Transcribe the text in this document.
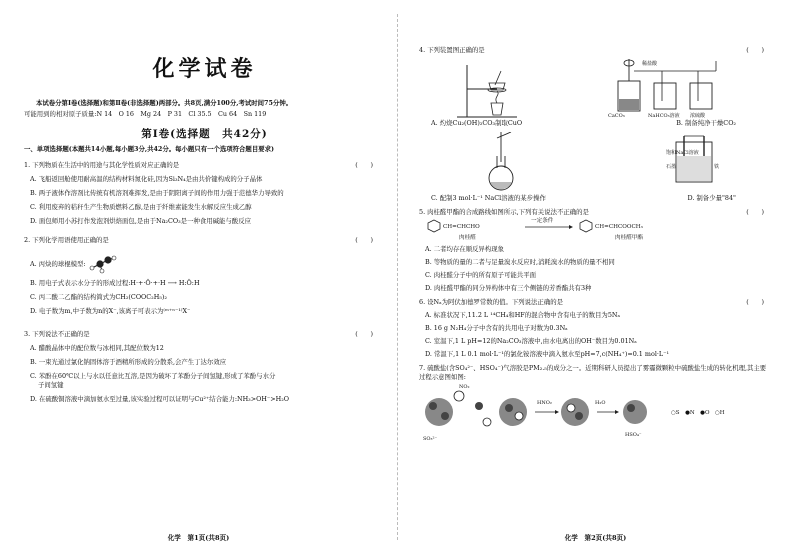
化学试卷
本试卷分第Ⅰ卷(选择题)和第Ⅱ卷(非选择题)两部分。共8页,满分100分,考试时间75分钟。
可能用到的相对原子质量:N 14　O 16　Mg 24　P 31　Cl 35.5　Cu 64　Sn 119
第Ⅰ卷(选择题　共42分)
一、单项选择题(本题共14小题,每小题3分,共42分。每小题只有一个选项符合题目要求)
1. 下列物质在生活中的用途与其化学性质对应正确的是	(　　)
A. 飞船返回舱使用耐高温的结构材料氮化硅,因为Si₃N₄是由共价键构成的分子晶体
B. 两子液体作溶剂比传统有机溶剂难挥发,是由于阴阳离子间的作用力强于范德华力导致的
C. 利用废弃的秸秆生产生物质燃料乙醇,是由于纤维素能发生水解反应生成乙醇
D. 面包师用小苏打作发泡剂烘焙面包,是由于Na₂CO₃是一种食用碱能与酸反应
2. 下列化学用语使用正确的是	(　　)
A. 丙炔的球棍模型:
B. 用电子式表示水分子的形成过程:H·+·Ö·+·H ⟶ H:Ö:H
C. 丙二酸二乙酯的结构简式为CH₂(COOC₂H₅)₂
D. 电子数为m,中子数为n的X⁻,该离子可表示为⁽ᵐ⁺ⁿ⁻¹⁾X⁻
3. 下列说法不正确的是	(　　)
A. 醋酸晶体中的配位数与冰相同,其配位数为12
B. 一束光通过氯化钠固体溶于酒精所形成的分散系,会产生丁达尔效应
C. 苯酚在60℃以上与水以任意比互溶,是因为破坏了苯酚分子间氢键,形成了苯酚与水分
子间氢键
D. 在硫酸铜溶液中滴加氨水至过量,该实验过程可以证明与Cu²⁺结合能力:NH₃>OH⁻>H₂O
化学　第1页(共8页)
4. 下列装置图正确的是	(　　)
稀盐酸
CaCO₃	NaHCO₃溶液 浓硫酸
A. 灼烧Cu₂(OH)₂CO₃制取CuO	B. 制备纯净干燥CO₂
饱和NaCl溶液
石墨	铁
C. 配制3 mol·L⁻¹ NaCl溶液的某步操作	D. 制备少量"84"
5. 肉桂醛甲酯的合成路线如图所示,下列有关说法不正确的是	(　　)
CH=CHCHO
一定条件
CH=CHCOOCH₃
肉桂醛	肉桂醛甲酯
A. 二者均存在顺反异构现象
B. 等物质的量的二者与足量溴水反应时,消耗溴水的物质的量不相同
C. 肉桂醛分子中的所有原子可能共平面
D. 肉桂醛甲酯的同分异构体中有三个侧链的芳香酯共有3种
6. 设Nₐ为阿伏加德罗常数的值。下列说法正确的是	(　　)
A. 标准状况下,11.2 L ¹⁴CH₄和HF的混合物中含有电子的数目为5Nₐ
B. 16 g N₂H₄分子中含有的共用电子对数为0.3Nₐ
C. 室温下,1 L pH=12的Na₂CO₃溶液中,由水电离出的OH⁻数目为0.01Nₐ
D. 常温下,1 L 0.1 mol·L⁻¹的氯化铵溶液中滴入氨水至pH=7,c(NH₄⁺)=0.1 mol·L⁻¹
7. 硫酸盐(含SO₄²⁻、HSO₄⁻)气溶胶是PM₂.₅的成分之一。近期科研人员提出了雾霾微颗粒中硫酸盐生成的转化机理,其主要过程示意图如图:
SO₃²⁻
NO₂
HNO₂	H₂O
HSO₄⁻
○S　●N　●O　○H
化学　第2页(共8页)
